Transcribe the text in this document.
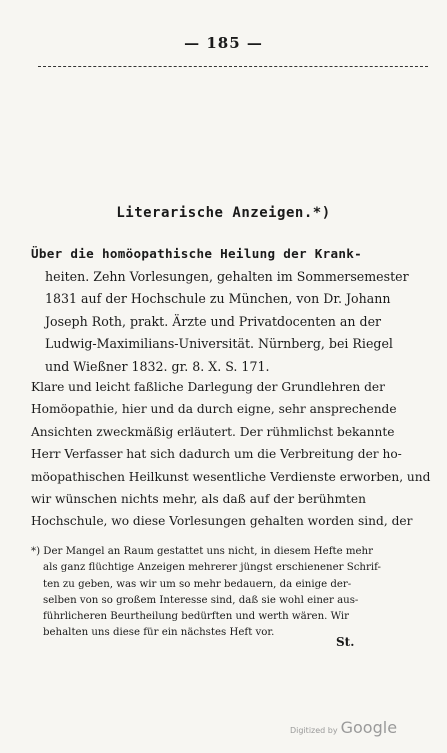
— 185 —
Literarische Anzeigen.*)
Über die homöopathische Heilung der Krank-
heiten. Zehn Vorlesungen, gehalten im Sommersemester
1831 auf der Hochschule zu München, von Dr. Johann
Joseph Roth, prakt. Ärzte und Privatdocenten an der
Ludwig-Maximilians-Universität. Nürnberg, bei Riegel
und Wießner 1832. gr. 8. X. S. 171.
Klare und leicht faßliche Darlegung der Grundlehren der
Homöopathie, hier und da durch eigne, sehr ansprechende
Ansichten zweckmäßig erläutert. Der rühmlichst bekannte
Herr Verfasser hat sich dadurch um die Verbreitung der ho-
möopathischen Heilkunst wesentliche Verdienste erworben, und
wir wünschen nichts mehr, als daß auf der berühmten
Hochschule, wo diese Vorlesungen gehalten worden sind, der
*) Der Mangel an Raum gestattet uns nicht, in diesem Hefte mehr
als ganz flüchtige Anzeigen mehrerer jüngst erschienener Schrif-
ten zu geben, was wir um so mehr bedauern, da einige der-
selben von so großem Interesse sind, daß sie wohl einer aus-
führlicheren Beurtheilung bedürften und werth wären. Wir
behalten uns diese für ein nächstes Heft vor.
St.
Digitized by Google
